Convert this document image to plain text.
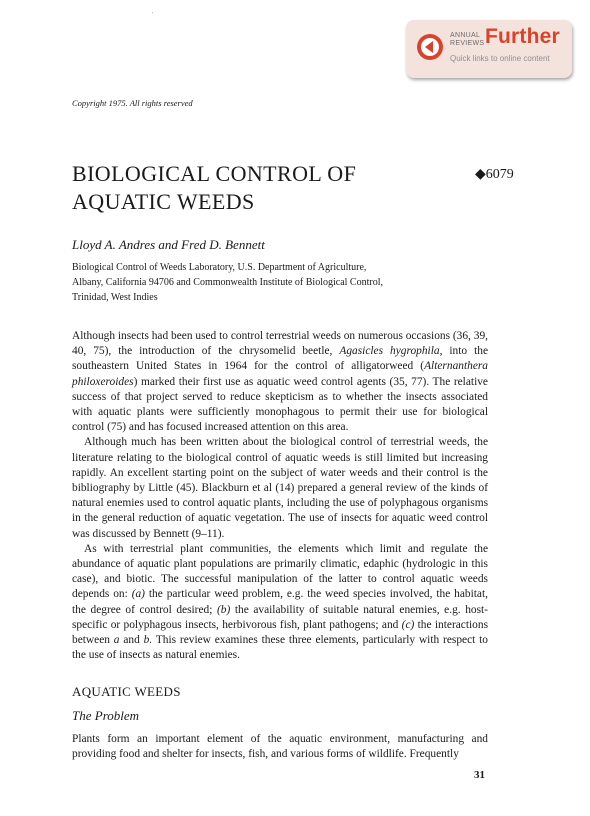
ANNUAL
REVIEWS Further
Quick links to online content
Copyright 1975. All rights reserved
BIOLOGICAL CONTROL OF
AQUATIC WEEDS
◆6079
Lloyd A. Andres and Fred D. Bennett
Biological Control of Weeds Laboratory, U.S. Department of Agriculture,
Albany, California 94706 and Commonwealth Institute of Biological Control,
Trinidad, West Indies

Although insects had been used to control terrestrial weeds on numerous occasions (36, 39, 40, 75), the introduction of the chrysomelid beetle, Agasicles hygrophila, into the southeastern United States in 1964 for the control of alligatorweed (Alternanthera philoxeroides) marked their first use as aquatic weed control agents (35, 77). The relative success of that project served to reduce skepticism as to whether the insects associated with aquatic plants were sufficiently monophagous to permit their use for biological control (75) and has focused increased attention on this area.

Although much has been written about the biological control of terrestrial weeds, the literature relating to the biological control of aquatic weeds is still limited but increasing rapidly. An excellent starting point on the subject of water weeds and their control is the bibliography by Little (45). Blackburn et al (14) prepared a general review of the kinds of natural enemies used to control aquatic plants, including the use of polyphagous organisms in the general reduction of aquatic vegetation. The use of insects for aquatic weed control was discussed by Bennett (9–11).

As with terrestrial plant communities, the elements which limit and regulate the abundance of aquatic plant populations are primarily climatic, edaphic (hydrologic in this case), and biotic. The successful manipulation of the latter to control aquatic weeds depends on: (a) the particular weed problem, e.g. the weed species involved, the habitat, the degree of control desired; (b) the availability of suitable natural enemies, e.g. host-specific or polyphagous insects, herbivorous fish, plant pathogens; and (c) the interactions between a and b. This review examines these three elements, particularly with respect to the use of insects as natural enemies.

AQUATIC WEEDS
The Problem
Plants form an important element of the aquatic environment, manufacturing and providing food and shelter for insects, fish, and various forms of wildlife. Frequently
31
